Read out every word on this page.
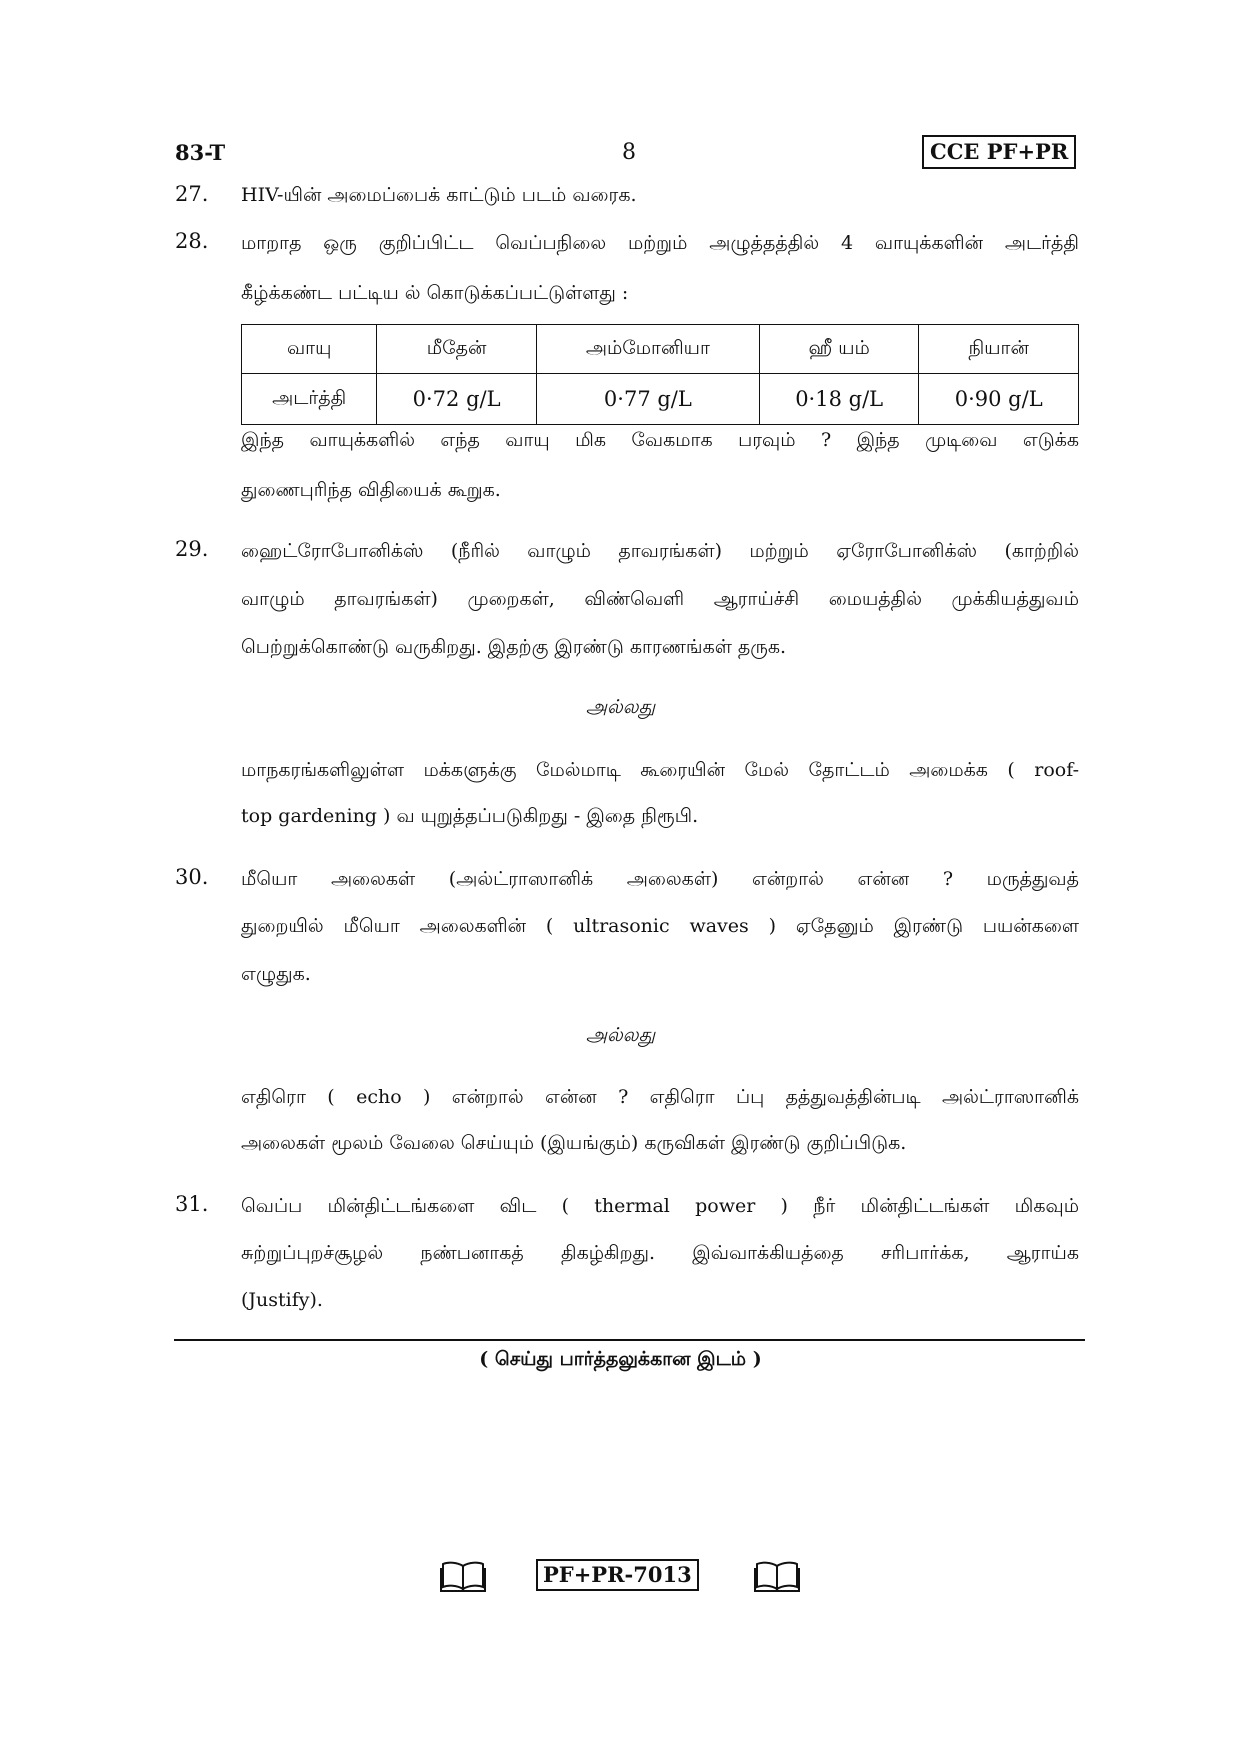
83-T	8	CCE PF+PR
27. HIV-யின் அமைப்பைக் காட்டும் படம் வரைக.
28. மாறாத ஒரு குறிப்பிட்ட வெப்பநிலை மற்றும் அழுத்தத்தில் 4 வாயுக்களின் அடர்த்தி
கீழ்க்கண்ட பட்டிய ல் கொடுக்கப்பட்டுள்ளது :
வாயு	மீதேன்	அம்மோனியா	ஹீ யம்	நியான்
அடர்த்தி	0·72 g/L	0·77 g/L	0·18 g/L	0·90 g/L
இந்த வாயுக்களில் எந்த வாயு மிக வேகமாக பரவும் ? இந்த முடிவை எடுக்க
துணைபுரிந்த விதியைக் கூறுக.
29. ஹைட்ரோபோனிக்ஸ் (நீரில் வாழும் தாவரங்கள்) மற்றும் ஏரோபோனிக்ஸ் (காற்றில்
வாழும் தாவரங்கள்) முறைகள், விண்வெளி ஆராய்ச்சி மையத்தில் முக்கியத்துவம்
பெற்றுக்கொண்டு வருகிறது. இதற்கு இரண்டு காரணங்கள் தருக.
அல்லது
மாநகரங்களிலுள்ள மக்களுக்கு மேல்மாடி கூரையின் மேல் தோட்டம் அமைக்க ( roof-
top gardening ) வ யுறுத்தப்படுகிறது - இதை நிரூபி.
30. மீயொ அலைகள் (அல்ட்ராஸானிக் அலைகள்) என்றால் என்ன ? மருத்துவத்
துறையில் மீயொ அலைகளின் ( ultrasonic waves ) ஏதேனும் இரண்டு பயன்களை
எழுதுக.
அல்லது
எதிரொ ( echo ) என்றால் என்ன ? எதிரொ ப்பு தத்துவத்தின்படி அல்ட்ராஸானிக்
அலைகள் மூலம் வேலை செய்யும் (இயங்கும்) கருவிகள் இரண்டு குறிப்பிடுக.
31. வெப்ப மின்திட்டங்களை விட ( thermal power ) நீர் மின்திட்டங்கள் மிகவும்
சுற்றுப்புறச்சூழல் நண்பனாகத் திகழ்கிறது. இவ்வாக்கியத்தை சரிபார்க்க, ஆராய்க
(Justify).
( செய்து பார்த்தலுக்கான இடம் )
PF+PR-7013
